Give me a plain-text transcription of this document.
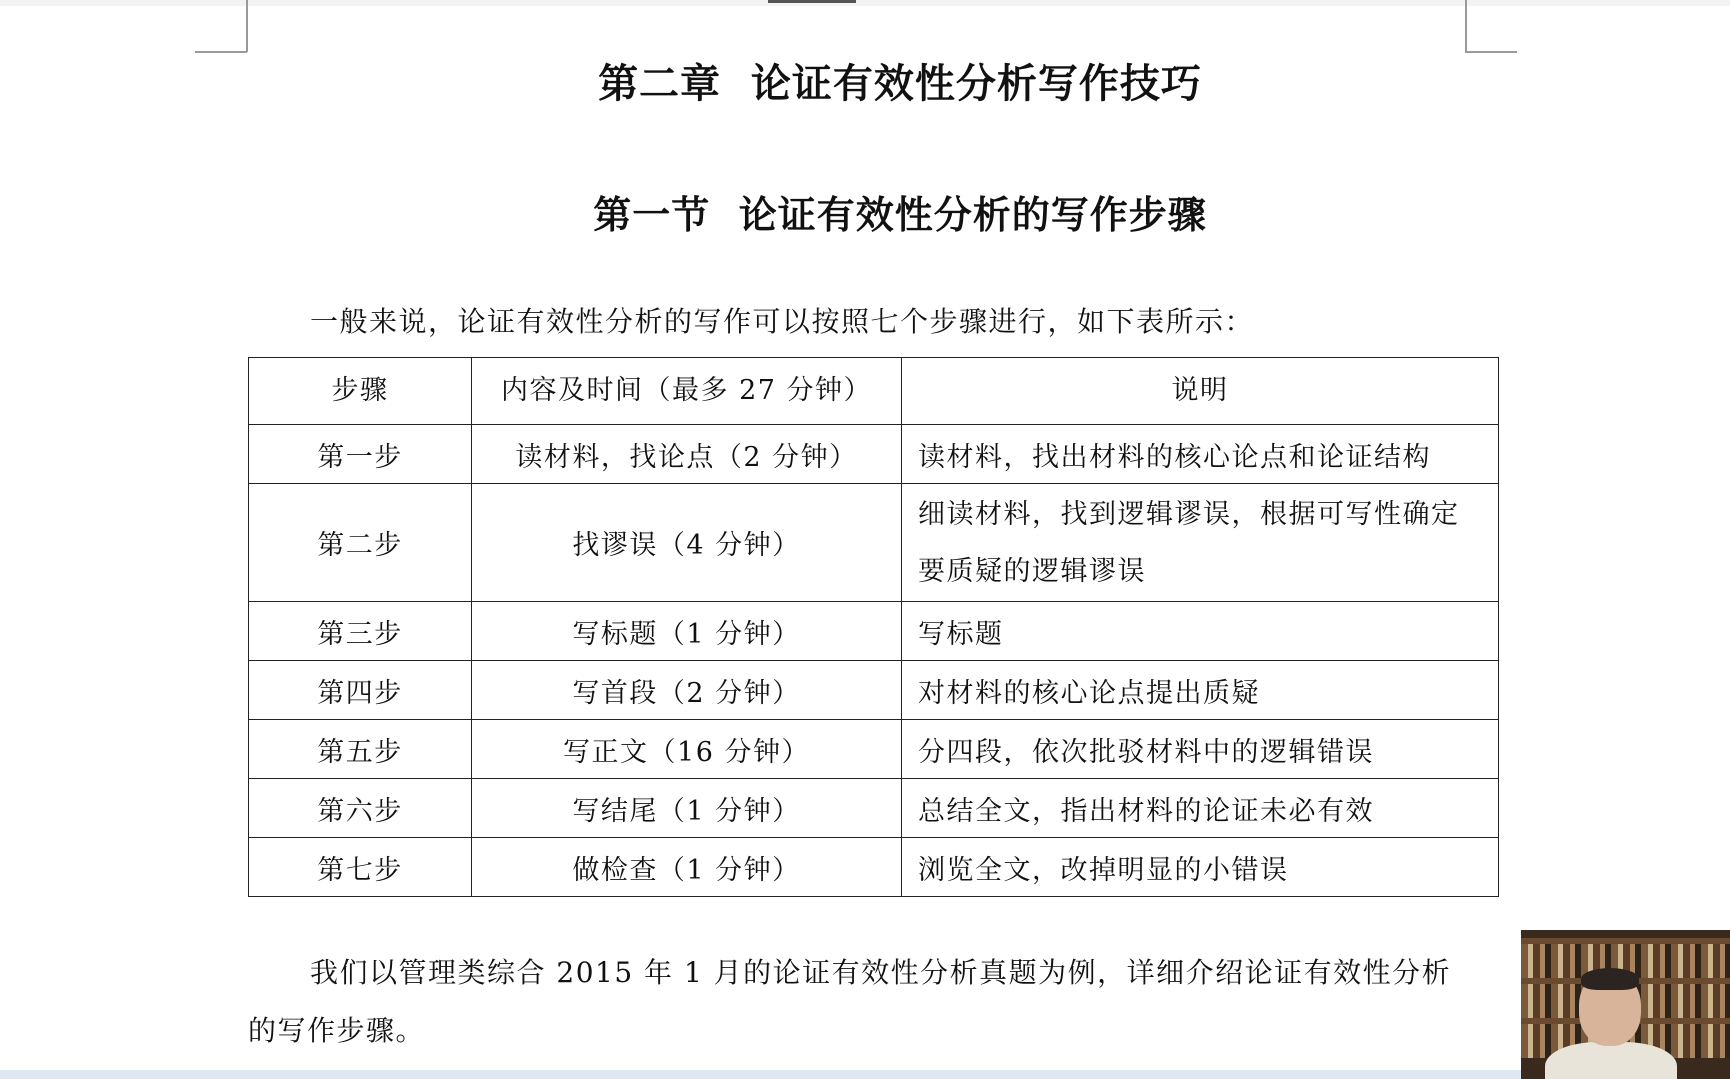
第二章  论证有效性分析写作技巧
第一节  论证有效性分析的写作步骤
一般来说，论证有效性分析的写作可以按照七个步骤进行，如下表所示：
步骤	内容及时间（最多 27 分钟）	说明
第一步	读材料，找论点（2 分钟）	读材料，找出材料的核心论点和论证结构
第二步	找谬误（4 分钟）	细读材料，找到逻辑谬误，根据可写性确定要质疑的逻辑谬误
第三步	写标题（1 分钟）	写标题
第四步	写首段（2 分钟）	对材料的核心论点提出质疑
第五步	写正文（16 分钟）	分四段，依次批驳材料中的逻辑错误
第六步	写结尾（1 分钟）	总结全文，指出材料的论证未必有效
第七步	做检查（1 分钟）	浏览全文，改掉明显的小错误

我们以管理类综合 2015 年 1 月的论证有效性分析真题为例，详细介绍论证有效性分析的写作步骤。
